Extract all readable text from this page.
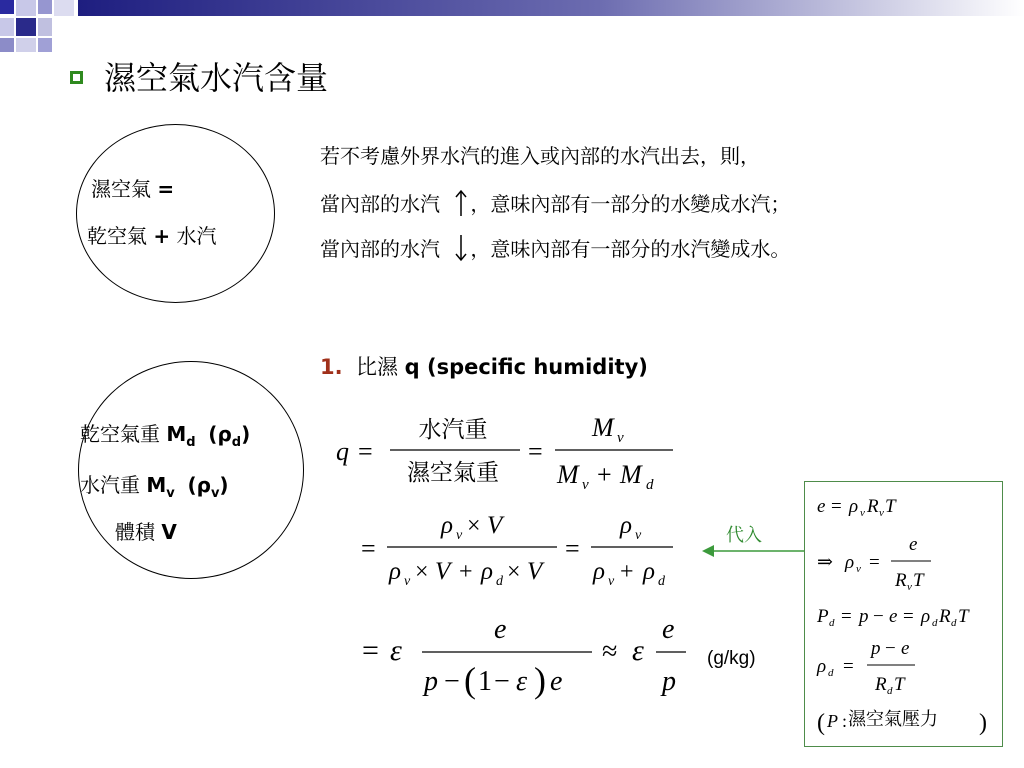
濕空氣水汽含量
濕空氣 =
乾空氣 + 水汽
若不考慮外界水汽的進入或內部的水汽出去，則，
當內部的水汽 ，意味內部有一部分的水變成水汽；
當內部的水汽 ，意味內部有一部分的水汽變成水。
1. 比濕 q (specific humidity)
乾空氣重 $M_d$ $(\rho_d)$
水汽重 $M_v$ $(\rho_v)$
體積 V
q =
水汽重
濕空氣重
=
M v
M v + M d
=
ρ v × V
ρ v × V + ρ d × V
=
ρ v
ρ v + ρ d
= ε
e
p − ( 1 − ε ) e
≈ ε
e
p
(g/kg)
代入
e = ρ v R v T
⇒ ρ v =
e
R v T
P d = p − e = ρ d R d T
ρ d =
p − e
R d T
( P : 濕空氣壓力	)
